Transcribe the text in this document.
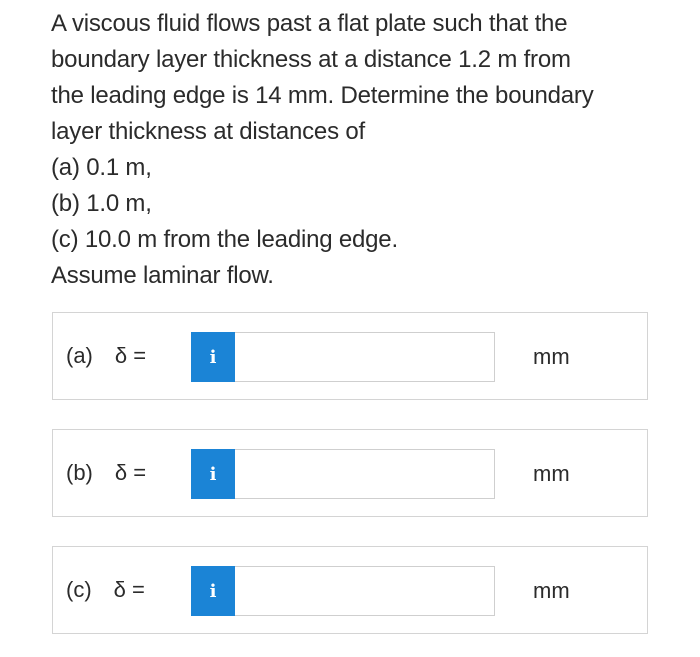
A viscous fluid flows past a flat plate such that the

boundary layer thickness at a distance 1.2 m from

the leading edge is 14 mm. Determine the boundary

layer thickness at distances of

(a) 0.1 m,

(b) 1.0 m,

(c) 10.0 m from the leading edge.

Assume laminar flow.

(a) δ =	i	mm
(b) δ =	i	mm
(c) δ =	i	mm
